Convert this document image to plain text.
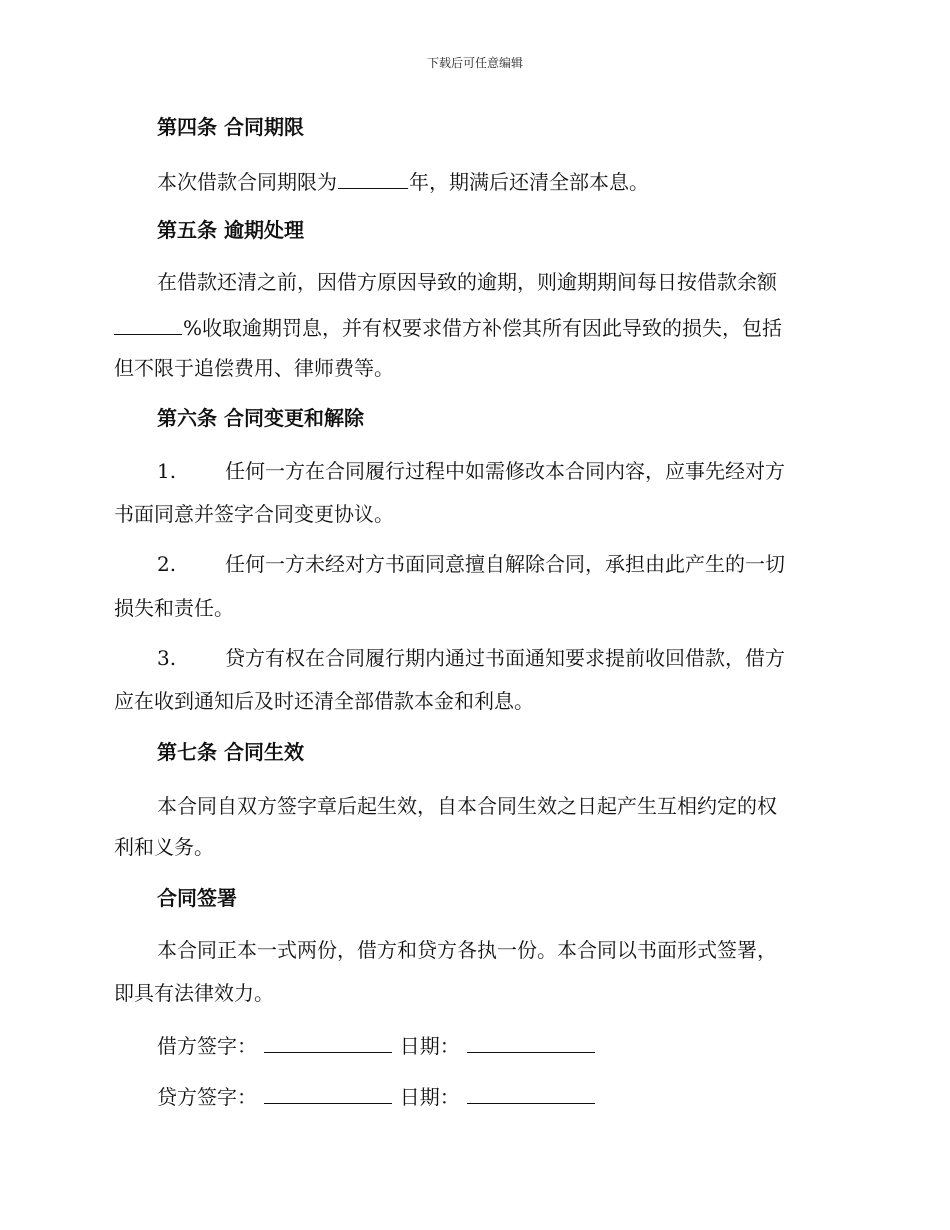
下载后可任意编辑
第四条 合同期限
本次借款合同期限为	年，期满后还清全部本息。
第五条 逾期处理
在借款还清之前，因借方原因导致的逾期，则逾期期间每日按借款余额
%收取逾期罚息，并有权要求借方补偿其所有因此导致的损失，包括
但不限于追偿费用、律师费等。
第六条 合同变更和解除
1. 任何一方在合同履行过程中如需修改本合同内容，应事先经对方
书面同意并签字合同变更协议。
2. 任何一方未经对方书面同意擅自解除合同，承担由此产生的一切
损失和责任。
3. 贷方有权在合同履行期内通过书面通知要求提前收回借款，借方
应在收到通知后及时还清全部借款本金和利息。
第七条 合同生效
本合同自双方签字章后起生效，自本合同生效之日起产生互相约定的权
利和义务。
合同签署
本合同正本一式两份，借方和贷方各执一份。本合同以书面形式签署，
即具有法律效力。
借方签字：	日期：
贷方签字：	日期：
